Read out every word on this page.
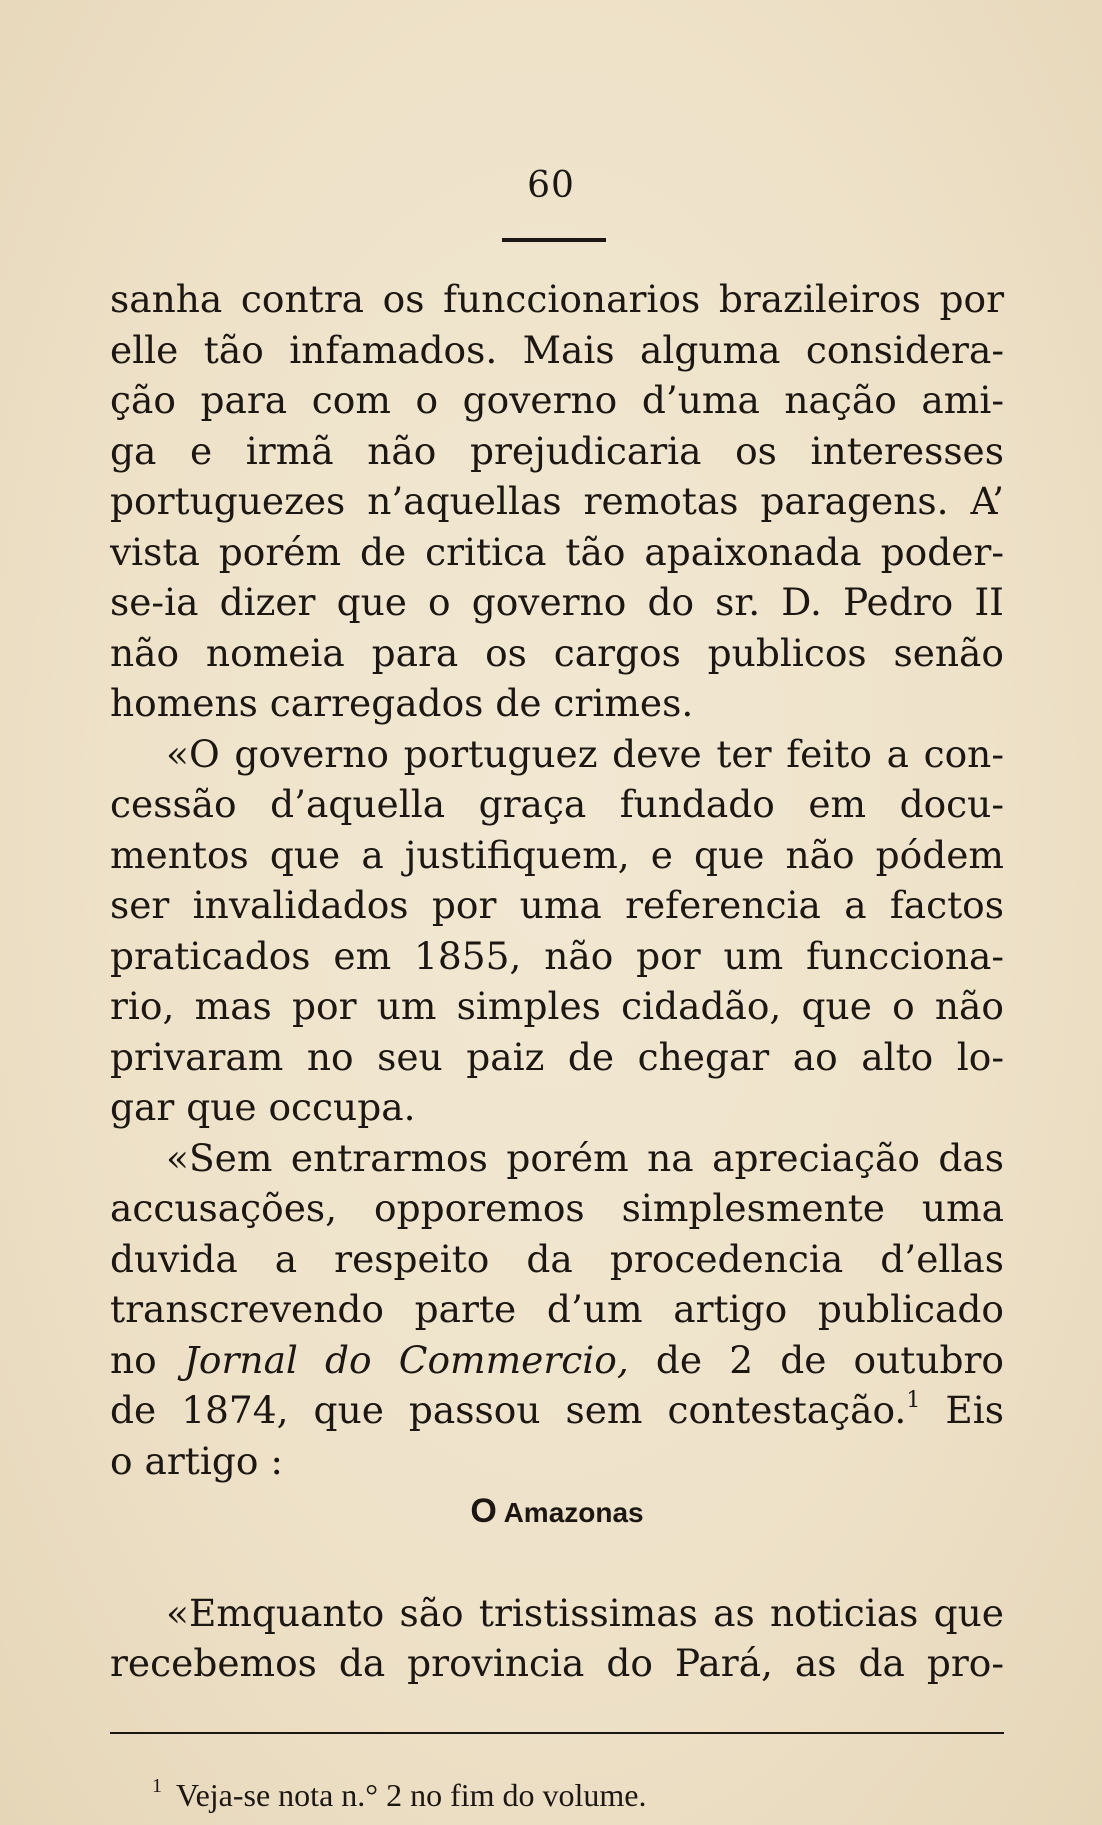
60
sanha contra os funccionarios brazileiros por
elle tão infamados. Mais alguma considera-
ção para com o governo d’uma nação ami-
ga e irmã não prejudicaria os interesses
portuguezes n’aquellas remotas paragens. A’
vista porém de critica tão apaixonada poder-
se-ia dizer que o governo do sr. D. Pedro II
não nomeia para os cargos publicos senão
homens carregados de crimes.
«O governo portuguez deve ter feito a con-
cessão d’aquella graça fundado em docu-
mentos que a justifiquem, e que não pódem
ser invalidados por uma referencia a factos
praticados em 1855, não por um funcciona-
rio, mas por um simples cidadão, que o não
privaram no seu paiz de chegar ao alto lo-
gar que occupa.
«Sem entrarmos porém na apreciação das
accusações, opporemos simplesmente uma
duvida a respeito da procedencia d’ellas
transcrevendo parte d’um artigo publicado
no Jornal do Commercio, de 2 de outubro
de 1874, que passou sem contestação.$^1$ Eis
o artigo :
O Amazonas
«Emquanto são tristissimas as noticias que
recebemos da provincia do Pará, as da pro-
$^1$ Veja-se nota n.° 2 no fim do volume.
